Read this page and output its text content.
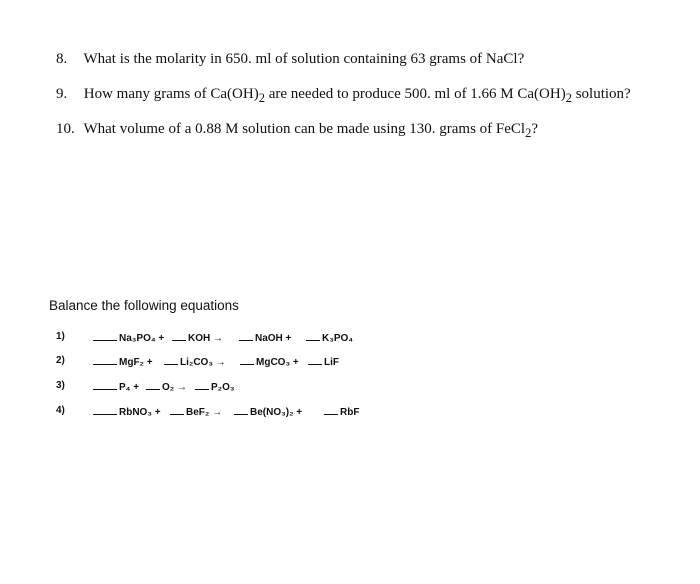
8. What is the molarity in 650. ml of solution containing 63 grams of NaCl?
9. How many grams of $Ca(OH)_2$ are needed to produce 500. ml of 1.66 M $Ca(OH)_2$ solution?
10. What volume of a 0.88 M solution can be made using 130. grams of FeCl$_2$?
Balance the following equations
1)	Na₃PO₄ + KOH →	NaOH +	K₃PO₄
2)	MgF₂ +	Li₂CO₃ →	MgCO₃ +	LiF
3)	P₄ + O₂ → P₂O₃
4)	RbNO₃ +	BeF₂ →	Be(NO₃)₂ +	RbF
